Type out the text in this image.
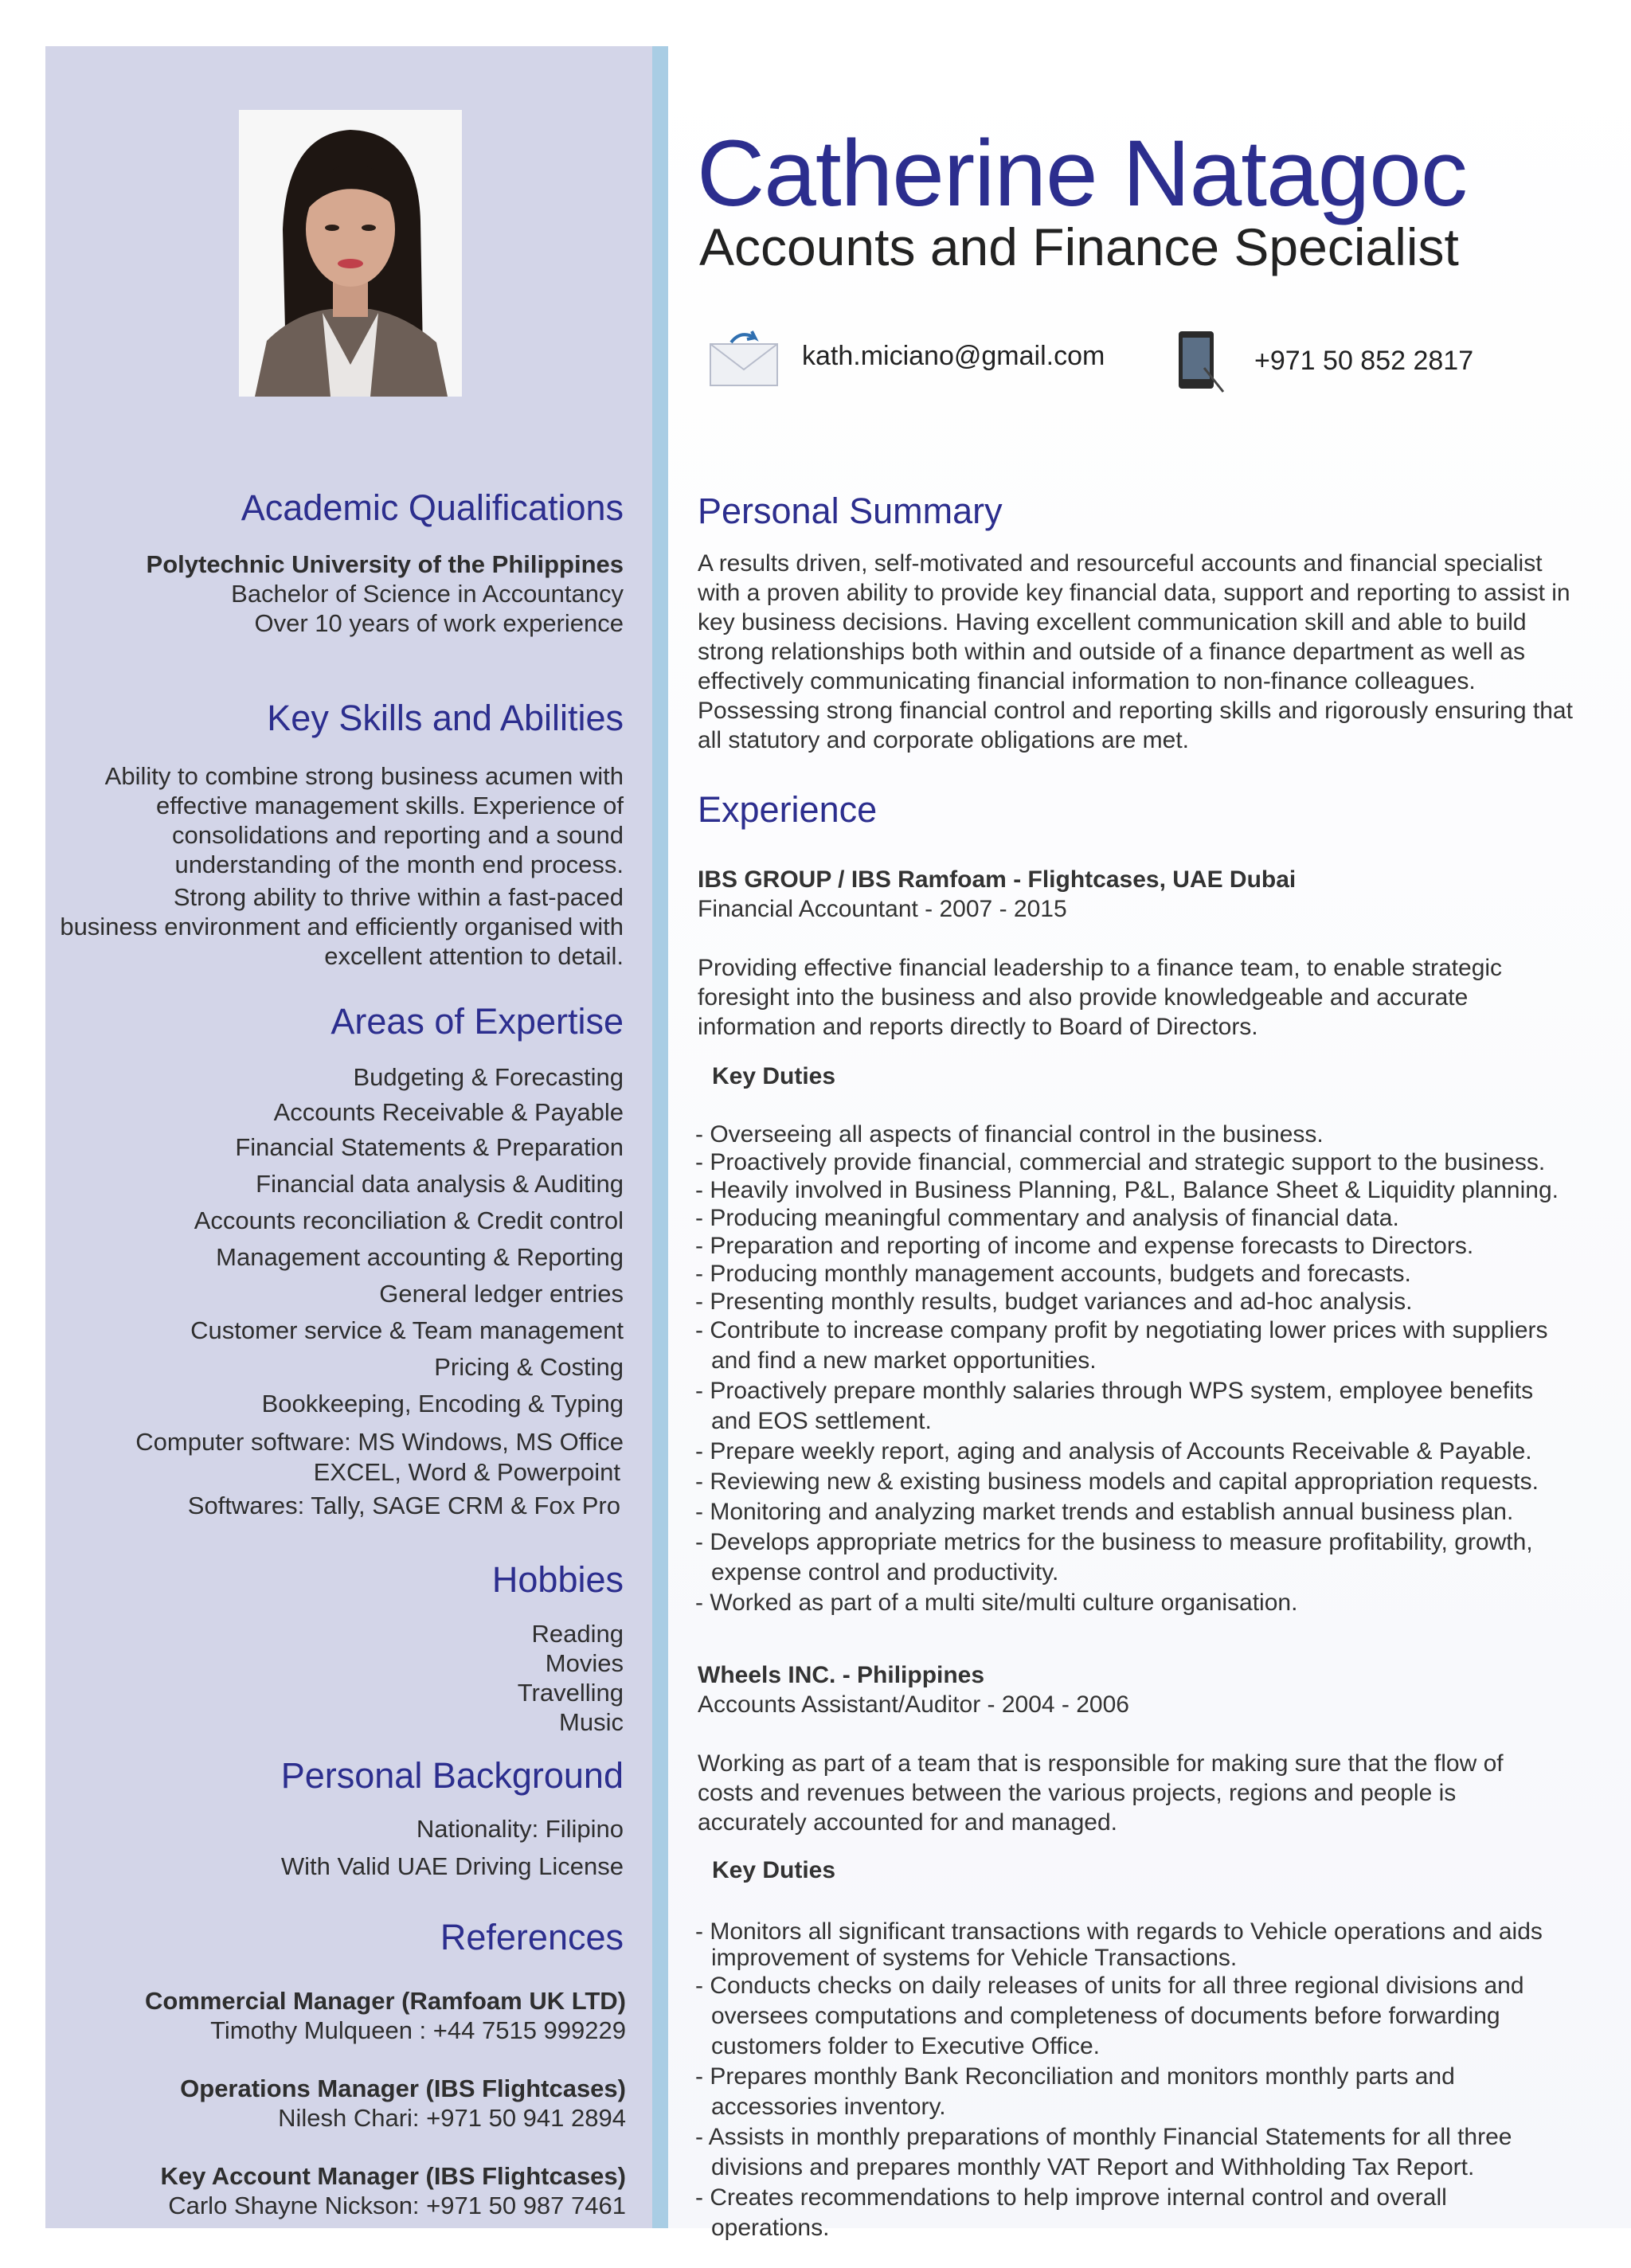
Catherine Natagoc
Accounts and Finance Specialist
kath.miciano@gmail.com	+971 50 852 2817
Academic Qualifications
Polytechnic University of the Philippines
Bachelor of Science in Accountancy
Over 10 years of work experience
Key Skills and Abilities
Ability to combine strong business acumen with
effective management skills. Experience of
consolidations and reporting and a sound
understanding of the month end process.
Strong ability to thrive within a fast-paced
business environment and efficiently organised with
excellent attention to detail.
Areas of Expertise
Budgeting & Forecasting
Accounts Receivable & Payable
Financial Statements & Preparation
Financial data analysis & Auditing
Accounts reconciliation & Credit control
Management accounting & Reporting
General ledger entries
Customer service & Team management
Pricing & Costing
Bookkeeping, Encoding & Typing
Computer software: MS Windows, MS Office
EXCEL, Word & Powerpoint
Softwares: Tally, SAGE CRM & Fox Pro
Hobbies
Reading
Movies
Travelling
Music
Personal Background
Nationality: Filipino
With Valid UAE Driving License
References
Commercial Manager (Ramfoam UK LTD)
Timothy Mulqueen : +44 7515 999229
Operations Manager (IBS Flightcases)
Nilesh Chari: +971 50 941 2894
Key Account Manager (IBS Flightcases)
Carlo Shayne Nickson: +971 50 987 7461
Personal Summary
A results driven, self-motivated and resourceful accounts and financial specialist with a proven ability to provide key financial data, support and reporting to assist in key business decisions. Having excellent communication skill and able to build strong relationships both within and outside of a finance department as well as effectively communicating financial information to non-finance colleagues. Possessing strong financial control and reporting skills and rigorously ensuring that all statutory and corporate obligations are met.
Experience
IBS GROUP / IBS Ramfoam - Flightcases, UAE Dubai
Financial Accountant - 2007 - 2015
Providing effective financial leadership to a finance team, to enable strategic foresight into the business and also provide knowledgeable and accurate information and reports directly to Board of Directors.
Key Duties
- Overseeing all aspects of financial control in the business.
- Proactively provide financial, commercial and strategic support to the business.
- Heavily involved in Business Planning, P&L, Balance Sheet & Liquidity planning.
- Producing meaningful commentary and analysis of financial data.
- Preparation and reporting of income and expense forecasts to Directors.
- Producing monthly management accounts, budgets and forecasts.
- Presenting monthly results, budget variances and ad-hoc analysis.
- Contribute to increase company profit by negotiating lower prices with suppliers
and find a new market opportunities.
- Proactively prepare monthly salaries through WPS system, employee benefits
and EOS settlement.
- Prepare weekly report, aging and analysis of Accounts Receivable & Payable.
- Reviewing new & existing business models and capital appropriation requests.
- Monitoring and analyzing market trends and establish annual business plan.
- Develops appropriate metrics for the business to measure profitability, growth,
expense control and productivity.
- Worked as part of a multi site/multi culture organisation.
Wheels INC. - Philippines
Accounts Assistant/Auditor - 2004 - 2006
Working as part of a team that is responsible for making sure that the flow of costs and revenues between the various projects, regions and people is accurately accounted for and managed.
Key Duties
- Monitors all significant transactions with regards to Vehicle operations and aids
improvement of systems for Vehicle Transactions.
- Conducts checks on daily releases of units for all three regional divisions and
oversees computations and completeness of documents before forwarding
customers folder to Executive Office.
- Prepares monthly Bank Reconciliation and monitors monthly parts and
accessories inventory.
- Assists in monthly preparations of monthly Financial Statements for all three
divisions and prepares monthly VAT Report and Withholding Tax Report.
- Creates recommendations to help improve internal control and overall
operations.
